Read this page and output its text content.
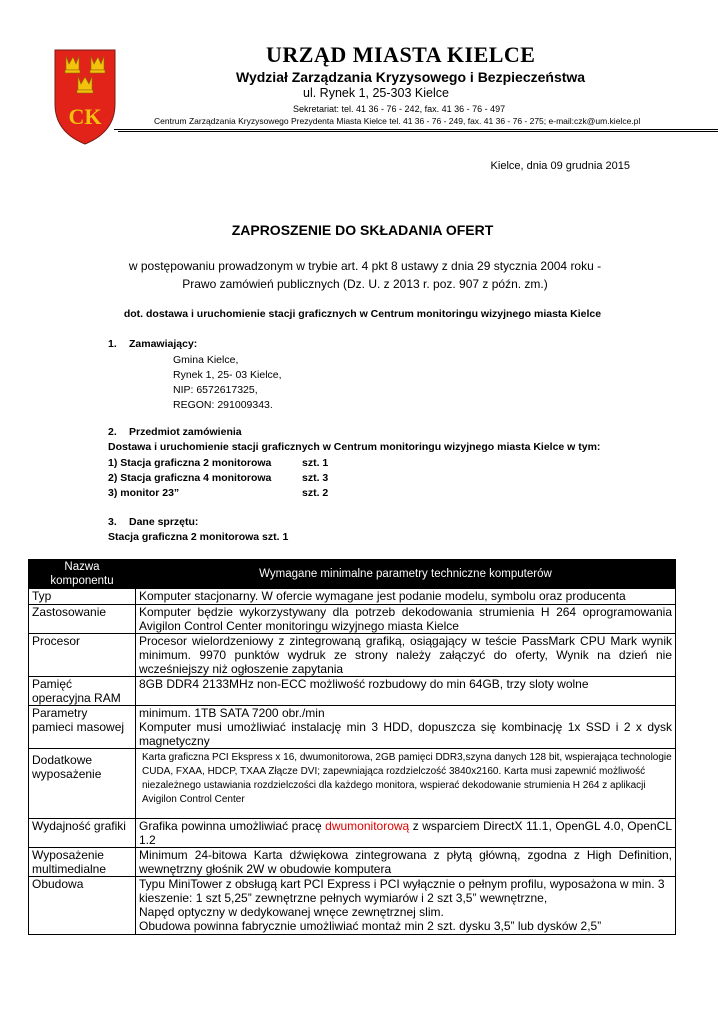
CK
URZĄD MIASTA KIELCE
Wydział Zarządzania Kryzysowego i Bezpieczeństwa
ul. Rynek 1, 25-303 Kielce
Sekretariat: tel. 41 36 - 76 - 242, fax. 41 36 - 76 - 497
Centrum Zarządzania Kryzysowego Prezydenta Miasta Kielce tel. 41 36 - 76 - 249, fax. 41 36 - 76 - 275; e-mail:czk@um.kielce.pl
Kielce, dnia 09 grudnia 2015
ZAPROSZENIE DO SKŁADANIA OFERT
w postępowaniu prowadzonym w trybie art. 4 pkt 8 ustawy z dnia 29 stycznia 2004 roku -
Prawo zamówień publicznych (Dz. U. z 2013 r. poz. 907 z późn. zm.)
dot. dostawa i uruchomienie stacji graficznych w Centrum monitoringu wizyjnego miasta Kielce
1. Zamawiający:
Gmina Kielce,
Rynek 1, 25- 03 Kielce,
NIP: 6572617325,
REGON: 291009343.
2. Przedmiot zamówienia
Dostawa i uruchomienie stacji graficznych w Centrum monitoringu wizyjnego miasta Kielce w tym:
1) Stacja graficzna 2 monitorowa	szt. 1
2) Stacja graficzna 4 monitorowa	szt. 3
3) monitor 23”	szt. 2
3. Dane sprzętu:
Stacja graficzna 2 monitorowa szt. 1
Nazwa komponentu	Wymagane minimalne parametry techniczne komputerów
Typ	Komputer stacjonarny. W ofercie wymagane jest podanie modelu, symbolu oraz producenta
Zastosowanie	Komputer będzie wykorzystywany dla potrzeb dekodowania strumienia H 264 oprogramowania Avigilon Control Center monitoringu wizyjnego miasta Kielce
Procesor	Procesor wielordzeniowy z zintegrowaną grafiką, osiągający w teście PassMark CPU Mark wynik minimum. 9970 punktów wydruk ze strony należy załączyć do oferty, Wynik na dzień nie wcześniejszy niż ogłoszenie zapytania
Pamięć operacyjna RAM	8GB DDR4 2133MHz non-ECC możliwość rozbudowy do min 64GB, trzy sloty wolne
Parametry pamieci masowej	minimum. 1TB SATA 7200 obr./min
Komputer musi umożliwiać instalację min 3 HDD, dopuszcza się kombinację 1x SSD i 2 x dysk magnetyczny

Dodatkowe wyposażenie	Karta graficzna PCI Ekspress x 16, dwumonitorowa, 2GB pamięci DDR3,szyna danych 128 bit, wspierająca technologie CUDA, FXAA, HDCP, TXAA Złącze DVI; zapewniająca rozdzielczość 3840x2160. Karta musi zapewnić możliwość niezależnego ustawiania rozdzielczości dla każdego monitora, wspierać dekodowanie strumienia H 264 z aplikacji Avigilon Control Center
Wydajność grafiki	Grafika powinna umożliwiać pracę dwumonitorową z wsparciem DirectX 11.1, OpenGL 4.0, OpenCL 1.2
Wyposażenie multimedialne	Minimum 24-bitowa Karta dźwiękowa zintegrowana z płytą główną, zgodna z High Definition, wewnętrzny głośnik 2W w obudowie komputera
Obudowa	Typu MiniTower z obsługą kart PCI Express i PCI wyłącznie o pełnym profilu, wyposażona w min. 3 kieszenie: 1 szt 5,25” zewnętrzne pełnych wymiarów i 2 szt 3,5” wewnętrzne,
Napęd optyczny w dedykowanej wnęce zewnętrznej slim.
Obudowa powinna fabrycznie umożliwiać montaż min 2 szt. dysku 3,5” lub dysków 2,5”
